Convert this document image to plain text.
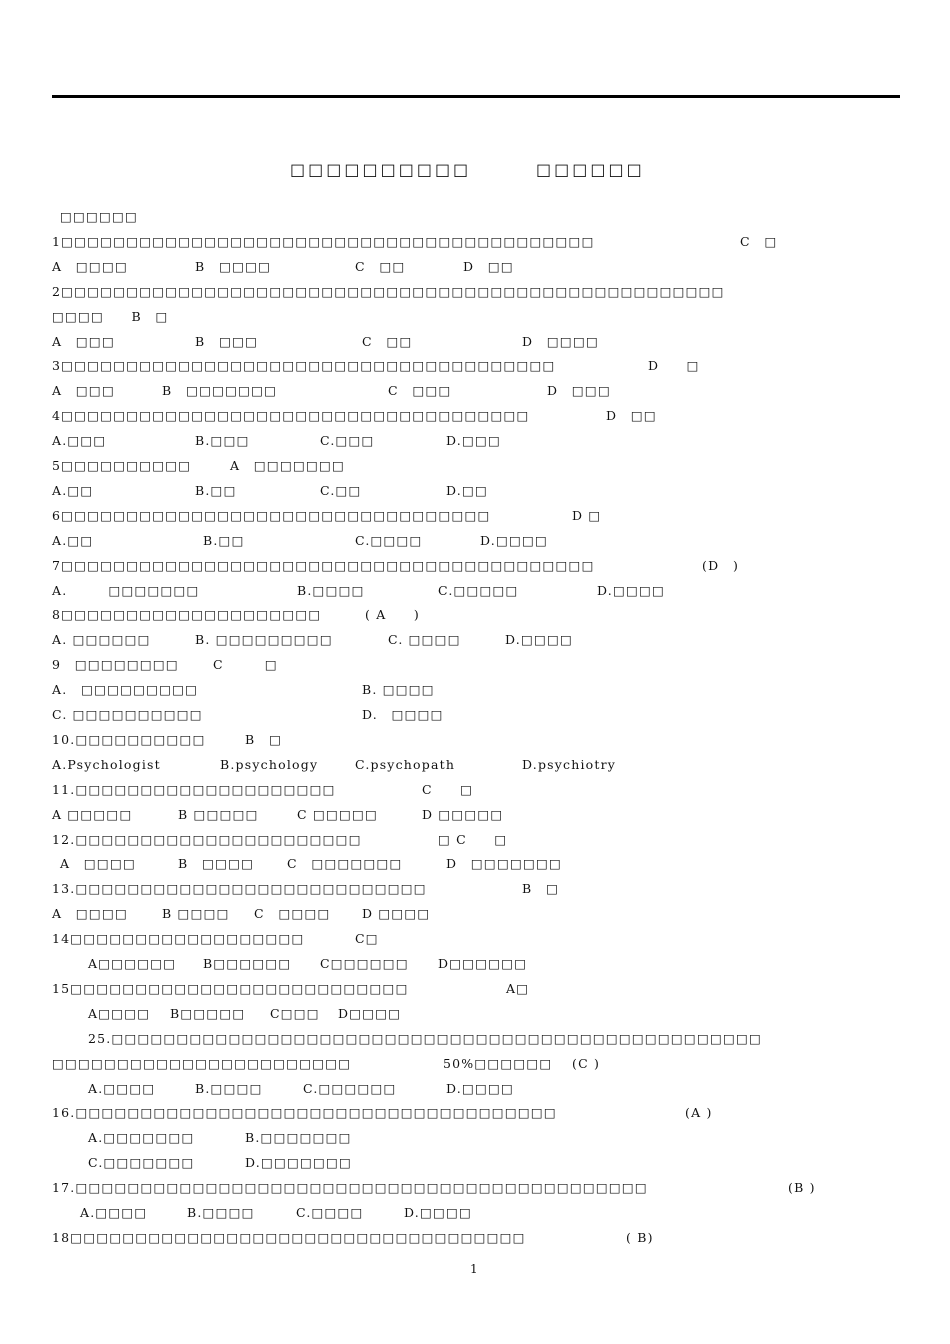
□□□□□□□□□□	□□□□□□
□□□□□□
1□□□□□□□□□□□□□□□□□□□□□□□□□□□□□□□□□□□□□□□□□	C　□
A　□□□□	B　□□□□	C　□□	D　□□
2□□□□□□□□□□□□□□□□□□□□□□□□□□□□□□□□□□□□□□□□□□□□□□□□□□□
□□□□　　B　□
A　□□□	B　□□□	C　□□	D　□□□□
3□□□□□□□□□□□□□□□□□□□□□□□□□□□□□□□□□□□□□□	D　　□
A　□□□	B　□□□□□□□	C　□□□	D　□□□
4□□□□□□□□□□□□□□□□□□□□□□□□□□□□□□□□□□□□	D　□□
A.□□□	B.□□□	C.□□□	D.□□□
5□□□□□□□□□□	A　□□□□□□□
A.□□	B.□□	C.□□	D.□□
6□□□□□□□□□□□□□□□□□□□□□□□□□□□□□□□□□	D □
A.□□	B.□□	C.□□□□	D.□□□□
7□□□□□□□□□□□□□□□□□□□□□□□□□□□□□□□□□□□□□□□□□	(D　)
A.　　　□□□□□□□	B.□□□□	C.□□□□□	D.□□□□
8□□□□□□□□□□□□□□□□□□□□	( A　　)
A. □□□□□□	B. □□□□□□□□□	C. □□□□	D.□□□□
9　□□□□□□□□	C　　　□
A.　□□□□□□□□□	B. □□□□
C. □□□□□□□□□□	D.　□□□□
10.□□□□□□□□□□	B　□
A.Psychologist	B.psychology	C.psychopath	D.psychiotry
11.□□□□□□□□□□□□□□□□□□□□	C　　□
A □□□□□	B □□□□□	C □□□□□	D □□□□□
12.□□□□□□□□□□□□□□□□□□□□□□	□ C　　□
A　□□□□	B　□□□□	C　□□□□□□□	D　□□□□□□□
13.□□□□□□□□□□□□□□□□□□□□□□□□□□□	B　□
A　□□□□	B □□□□ C　□□□□	D □□□□
14□□□□□□□□□□□□□□□□□□	C□
A□□□□□□ B□□□□□□ C□□□□□□ D□□□□□□
15□□□□□□□□□□□□□□□□□□□□□□□□□□	A□
A□□□□ B□□□□□ C□□□ D□□□□
25.□□□□□□□□□□□□□□□□□□□□□□□□□□□□□□□□□□□□□□□□□□□□□□□□□□
□□□□□□□□□□□□□□□□□□□□□□□	50%□□□□□□ (C )
A.□□□□	B.□□□□	C.□□□□□□	D.□□□□
16.□□□□□□□□□□□□□□□□□□□□□□□□□□□□□□□□□□□□□	(A )
A.□□□□□□□	B.□□□□□□□
C.□□□□□□□	D.□□□□□□□
17.□□□□□□□□□□□□□□□□□□□□□□□□□□□□□□□□□□□□□□□□□□□□	(B )
A.□□□□	B.□□□□	C.□□□□	D.□□□□
18□□□□□□□□□□□□□□□□□□□□□□□□□□□□□□□□□□□	( B)
1
